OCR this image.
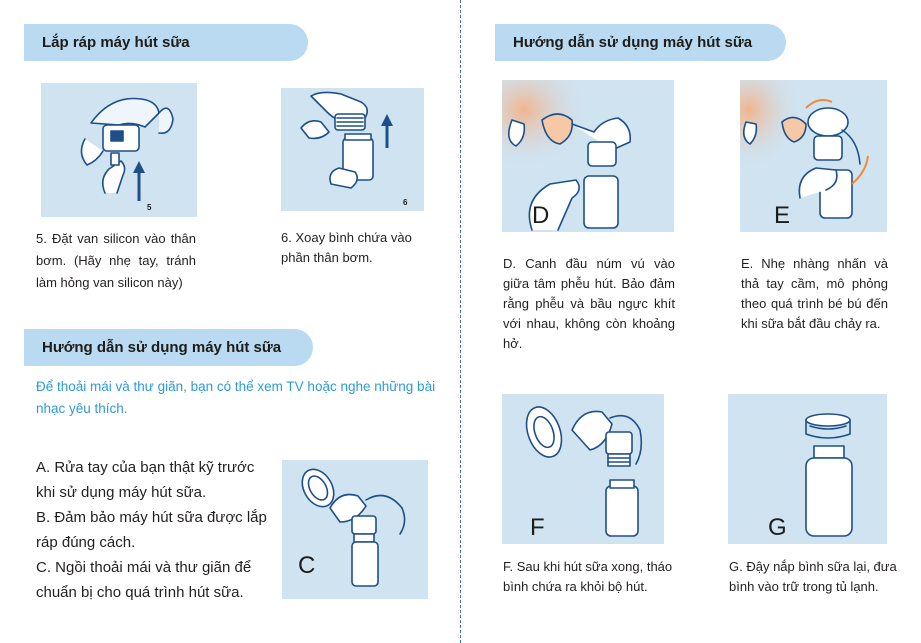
Lắp ráp máy hút sữa
5
5. Đặt van silicon vào thân bơm. (Hãy nhẹ tay, tránh làm hỏng van silicon này)
6
6. Xoay bình chứa vào phần thân bơm.
Hướng dẫn sử dụng máy hút sữa
Để thoải mái và thư giãn, bạn có thể xem TV hoặc nghe những bài nhạc yêu thích.
A. Rửa tay của bạn thật kỹ trước khi sử dụng máy hút sữa.
B. Đảm bảo máy hút sữa được lắp ráp đúng cách.
C. Ngồi thoải mái và thư giãn để chuẩn bị cho quá trình hút sữa.
C
Hướng dẫn sử dụng máy hút sữa
D
D. Canh đầu núm vú vào giữa tâm phễu hút. Bảo đảm rằng phễu và bầu ngực khít với nhau, không còn khoảng hở.
E
E. Nhẹ nhàng nhấn và thả tay cầm, mô phỏng theo quá trình bé bú đến khi sữa bắt đầu chảy ra.
F
F. Sau khi hút sữa xong, tháo bình chứa ra khỏi bộ hút.
G
G. Đậy nắp bình sữa lại, đưa bình vào trữ trong tủ lạnh.
